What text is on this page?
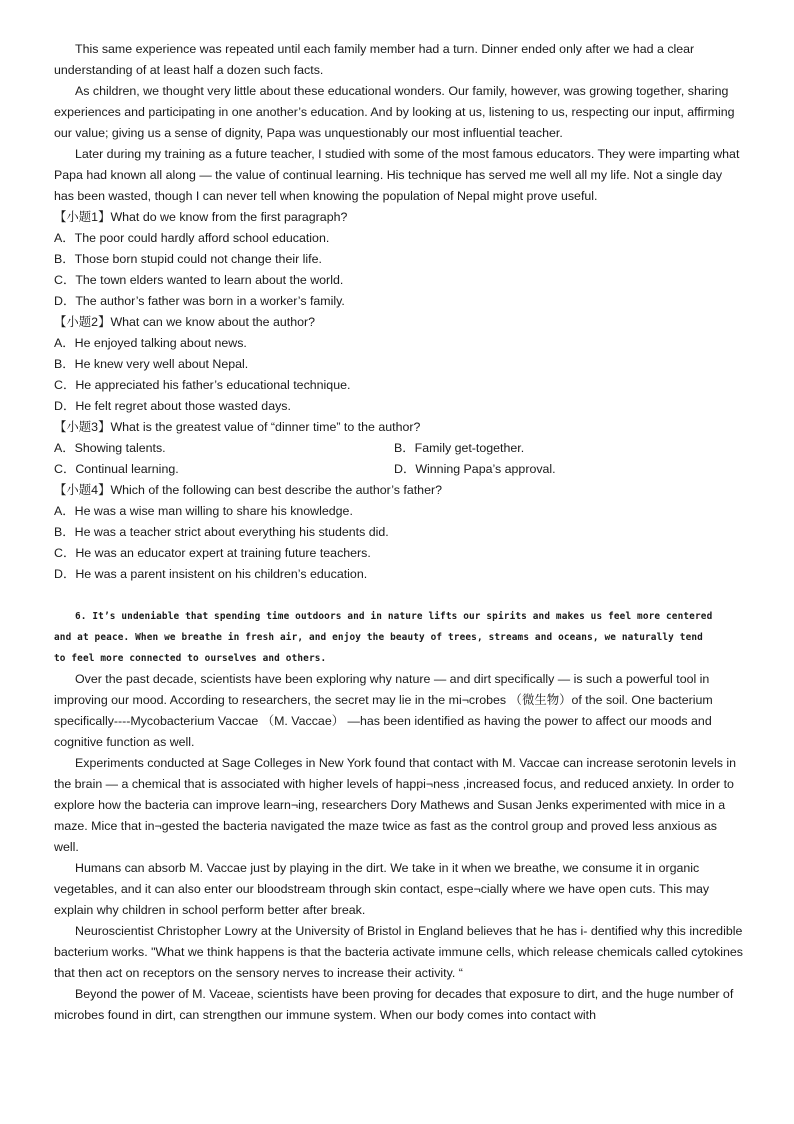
This same experience was repeated until each family member had a turn. Dinner ended only after we had a clear understanding of at least half a dozen such facts.

As children, we thought very little about these educational wonders. Our family, however, was growing together, sharing experiences and participating in one another’s education. And by looking at us, listening to us, respecting our input, affirming our value; giving us a sense of dignity, Papa was unquestionably our most influential teacher.

Later during my training as a future teacher, I studied with some of the most famous educators. They were imparting what Papa had known all along — the value of continual learning. His technique has served me well all my life. Not a single day has been wasted, though I can never tell when knowing the population of Nepal might prove useful.

【小题1】What do we know from the first paragraph?

A．The poor could hardly afford school education.

B．Those born stupid could not change their life.

C．The town elders wanted to learn about the world.

D．The author’s father was born in a worker’s family.

【小题2】What can we know about the author?

A．He enjoyed talking about news.

B．He knew very well about Nepal.

C．He appreciated his father’s educational technique.

D．He felt regret about those wasted days.

【小题3】What is the greatest value of “dinner time” to the author?

A．Showing talents.	B．Family get-together.
C．Continual learning.	D．Winning Papa’s approval.

【小题4】Which of the following can best describe the author’s father?

A．He was a wise man willing to share his knowledge.

B．He was a teacher strict about everything his students did.

C．He was an educator expert at training future teachers.

D．He was a parent insistent on his children’s education.

6. It’s undeniable that spending time outdoors and in nature lifts our spirits and makes us feel more centered

and at peace. When we breathe in fresh air, and enjoy the beauty of trees, streams and oceans, we naturally tend

to feel more connected to ourselves and others.

Over the past decade, scientists have been exploring why nature — and dirt specifically — is such a powerful tool in improving our mood. According to researchers, the secret may lie in the mi¬crobes （微生物）of the soil. One bacterium specifically----Mycobacterium Vaccae （M. Vaccae） —has been identified as having the power to affect our moods and cognitive function as well.

Experiments conducted at Sage Colleges in New York found that contact with M. Vaccae can increase serotonin levels in the brain — a chemical that is associated with higher levels of happi¬ness ,increased focus, and reduced anxiety. In order to explore how the bacteria can improve learn¬ing, researchers Dory Mathews and Susan Jenks experimented with mice in a maze. Mice that in¬gested the bacteria navigated the maze twice as fast as the control group and proved less anxious as well.

Humans can absorb M. Vaccae just by playing in the dirt. We take in it when we breathe, we consume it in organic vegetables, and it can also enter our bloodstream through skin contact, espe¬cially where we have open cuts. This may explain why children in school perform better after break.

Neuroscientist Christopher Lowry at the University of Bristol in England believes that he has i- dentified why this incredible bacterium works. "What we think happens is that the bacteria activate immune cells, which release chemicals called cytokines that then act on receptors on the sensory nerves to increase their activity. “

Beyond the power of M. Vaceae, scientists have been proving for decades that exposure to dirt, and the huge number of microbes found in dirt, can strengthen our immune system. When our body comes into contact with
